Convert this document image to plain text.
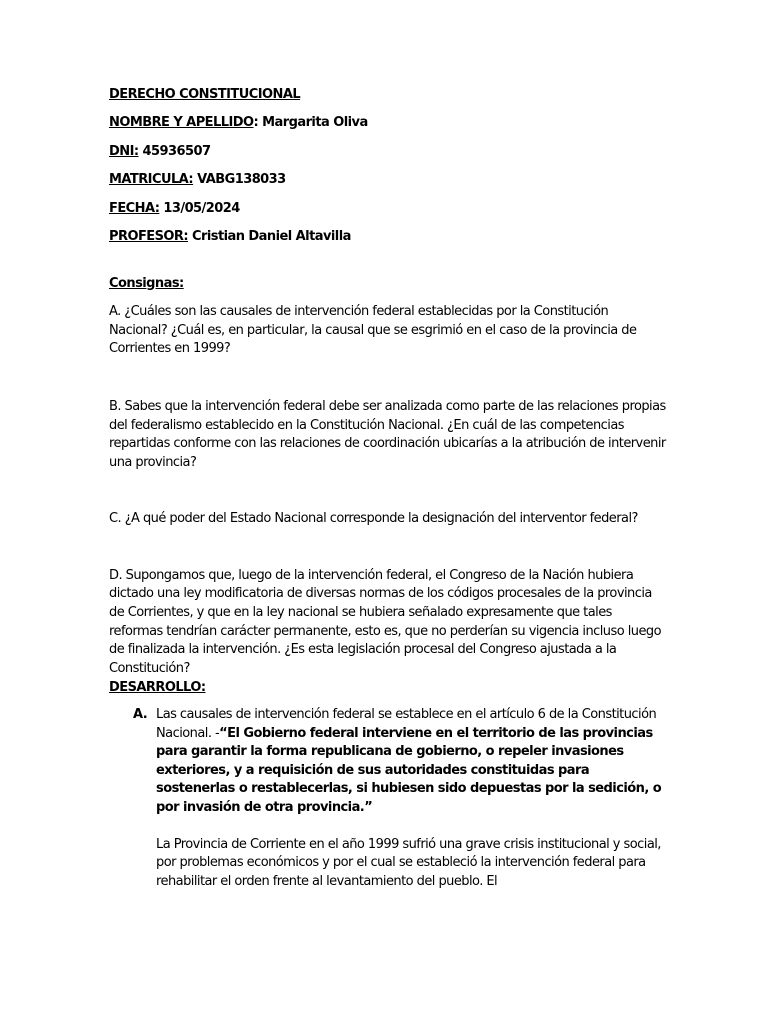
DERECHO CONSTITUCIONAL

NOMBRE Y APELLIDO: Margarita Oliva

DNI: 45936507

MATRICULA: VABG138033

FECHA: 13/05/2024

PROFESOR: Cristian Daniel Altavilla

Consignas:

A. ¿Cuáles son las causales de intervención federal establecidas por la Constitución Nacional? ¿Cuál es, en particular, la causal que se esgrimió en el caso de la provincia de Corrientes en 1999?

B. Sabes que la intervención federal debe ser analizada como parte de las relaciones propias del federalismo establecido en la Constitución Nacional. ¿En cuál de las competencias repartidas conforme con las relaciones de coordinación ubicarías a la atribución de intervenir una provincia?

C. ¿A qué poder del Estado Nacional corresponde la designación del interventor federal?

D. Supongamos que, luego de la intervención federal, el Congreso de la Nación hubiera dictado una ley modificatoria de diversas normas de los códigos procesales de la provincia de Corrientes, y que en la ley nacional se hubiera señalado expresamente que tales reformas tendrían carácter permanente, esto es, que no perderían su vigencia incluso luego de finalizada la intervención. ¿Es esta legislación procesal del Congreso ajustada a la Constitución?

DESARROLLO:

A. Las causales de intervención federal se establece en el artículo 6 de la Constitución Nacional. -“El Gobierno federal interviene en el territorio de las provincias para garantir la forma republicana de gobierno, o repeler invasiones exteriores, y a requisición de sus autoridades constituidas para sostenerlas o restablecerlas, si hubiesen sido depuestas por la sedición, o por invasión de otra provincia.”

La Provincia de Corriente en el año 1999 sufrió una grave crisis institucional y social, por problemas económicos y por el cual se estableció la intervención federal para rehabilitar el orden frente al levantamiento del pueblo. El
